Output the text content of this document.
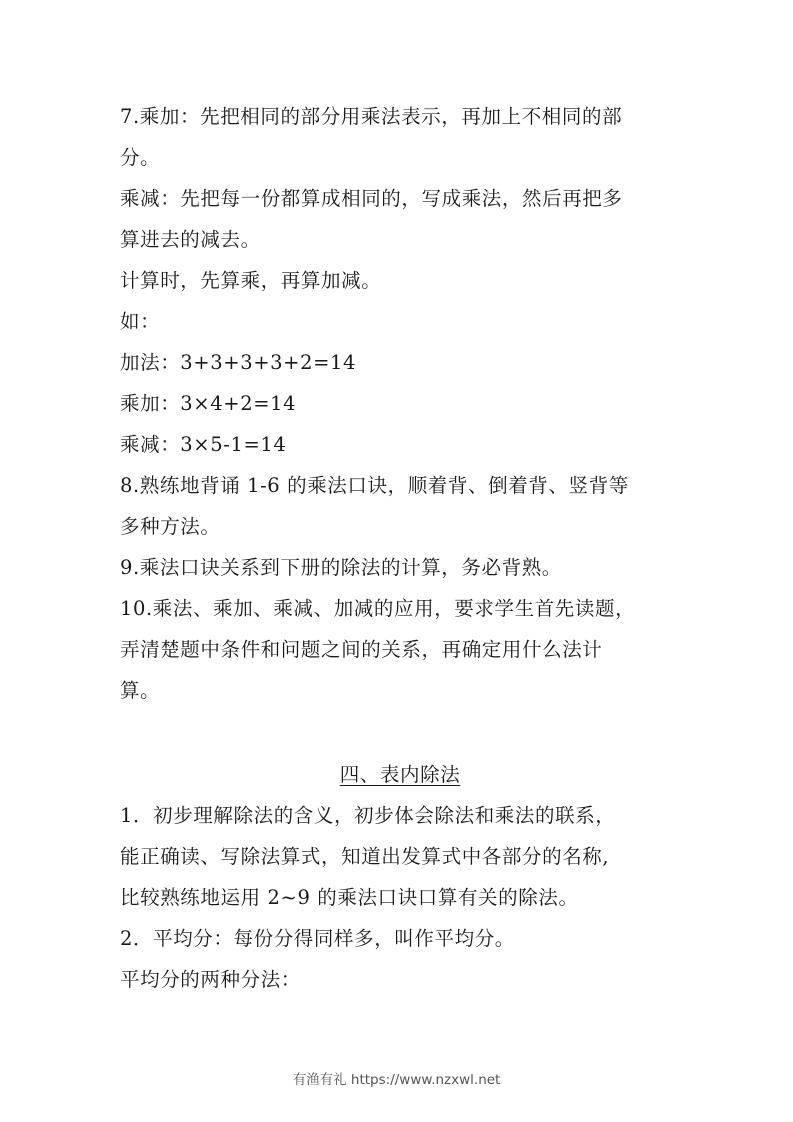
7.乘加：先把相同的部分用乘法表示，再加上不相同的部
分。
乘减：先把每一份都算成相同的，写成乘法，然后再把多
算进去的减去。
计算时，先算乘，再算加减。
如：
加法：3+3+3+3+2=14
乘加：3×4+2=14
乘减：3×5-1=14
8.熟练地背诵 1-6 的乘法口诀，顺着背、倒着背、竖背等
多种方法。
9.乘法口诀关系到下册的除法的计算，务必背熟。
10.乘法、乘加、乘减、加减的应用，要求学生首先读题，
弄清楚题中条件和问题之间的关系，再确定用什么法计
算。
四、表内除法
1．初步理解除法的含义，初步体会除法和乘法的联系，
能正确读、写除法算式，知道出发算式中各部分的名称,
比较熟练地运用 2~9 的乘法口诀口算有关的除法。
2．平均分：每份分得同样多，叫作平均分。
平均分的两种分法：
有渔有礼 https://www.nzxwl.net
